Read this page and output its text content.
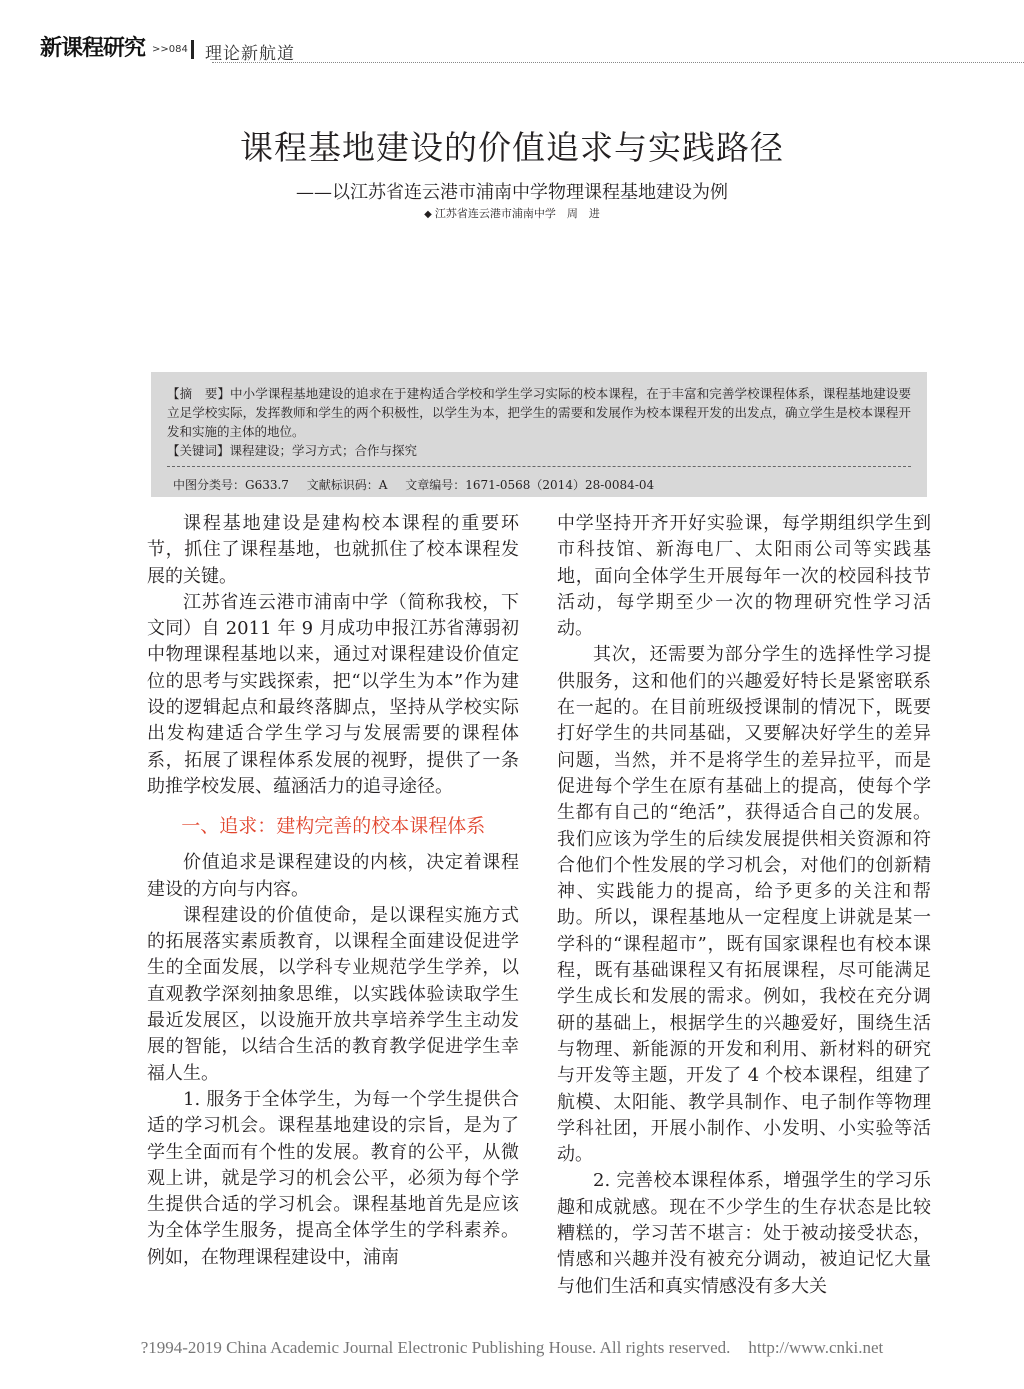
新课程研究 >>084 理论新航道
课程基地建设的价值追求与实践路径
——以江苏省连云港市浦南中学物理课程基地建设为例
◆ 江苏省连云港市浦南中学　周　进

【摘　要】中小学课程基地建设的追求在于建构适合学校和学生学习实际的校本课程，在于丰富和完善学校课程体系，课程基地建设要立足学校实际，发挥教师和学生的两个积极性，以学生为本，把学生的需要和发展作为校本课程开发的出发点，确立学生是校本课程开发和实施的主体的地位。

【关键词】课程建设；学习方式；合作与探究

中图分类号：G633.7 文献标识码：A 文章编号：1671-0568（2014）28-0084-04

课程基地建设是建构校本课程的重要环节，抓住了课程基地，也就抓住了校本课程发展的关键。

江苏省连云港市浦南中学（简称我校，下文同）自 2011 年 9 月成功申报江苏省薄弱初中物理课程基地以来，通过对课程建设价值定位的思考与实践探索，把“以学生为本”作为建设的逻辑起点和最终落脚点，坚持从学校实际出发构建适合学生学习与发展需要的课程体系，拓展了课程体系发展的视野，提供了一条助推学校发展、蕴涵活力的追寻途径。

一、追求：建构完善的校本课程体系

价值追求是课程建设的内核，决定着课程建设的方向与内容。

课程建设的价值使命，是以课程实施方式的拓展落实素质教育，以课程全面建设促进学生的全面发展，以学科专业规范学生学养，以直观教学深刻抽象思维，以实践体验读取学生最近发展区，以设施开放共享培养学生主动发展的智能，以结合生活的教育教学促进学生幸福人生。

1. 服务于全体学生，为每一个学生提供合适的学习机会。课程基地建设的宗旨，是为了学生全面而有个性的发展。教育的公平，从微观上讲，就是学习的机会公平，必须为每个学生提供合适的学习机会。课程基地首先是应该为全体学生服务，提高全体学生的学科素养。例如，在物理课程建设中，浦南

中学坚持开齐开好实验课，每学期组织学生到市科技馆、新海电厂、太阳雨公司等实践基地，面向全体学生开展每年一次的校园科技节活动，每学期至少一次的物理研究性学习活动。

其次，还需要为部分学生的选择性学习提供服务，这和他们的兴趣爱好特长是紧密联系在一起的。在目前班级授课制的情况下，既要打好学生的共同基础，又要解决好学生的差异问题，当然，并不是将学生的差异拉平，而是促进每个学生在原有基础上的提高，使每个学生都有自己的“绝活”，获得适合自己的发展。我们应该为学生的后续发展提供相关资源和符合他们个性发展的学习机会，对他们的创新精神、实践能力的提高，给予更多的关注和帮助。所以，课程基地从一定程度上讲就是某一学科的“课程超市”，既有国家课程也有校本课程，既有基础课程又有拓展课程，尽可能满足学生成长和发展的需求。例如，我校在充分调研的基础上，根据学生的兴趣爱好，围绕生活与物理、新能源的开发和利用、新材料的研究与开发等主题，开发了 4 个校本课程，组建了航模、太阳能、教学具制作、电子制作等物理学科社团，开展小制作、小发明、小实验等活动。

2. 完善校本课程体系，增强学生的学习乐趣和成就感。现在不少学生的生存状态是比较糟糕的，学习苦不堪言：处于被动接受状态，情感和兴趣并没有被充分调动，被迫记忆大量与他们生活和真实情感没有多大关

?1994-2019 China Academic Journal Electronic Publishing House. All rights reserved. http://www.cnki.net
